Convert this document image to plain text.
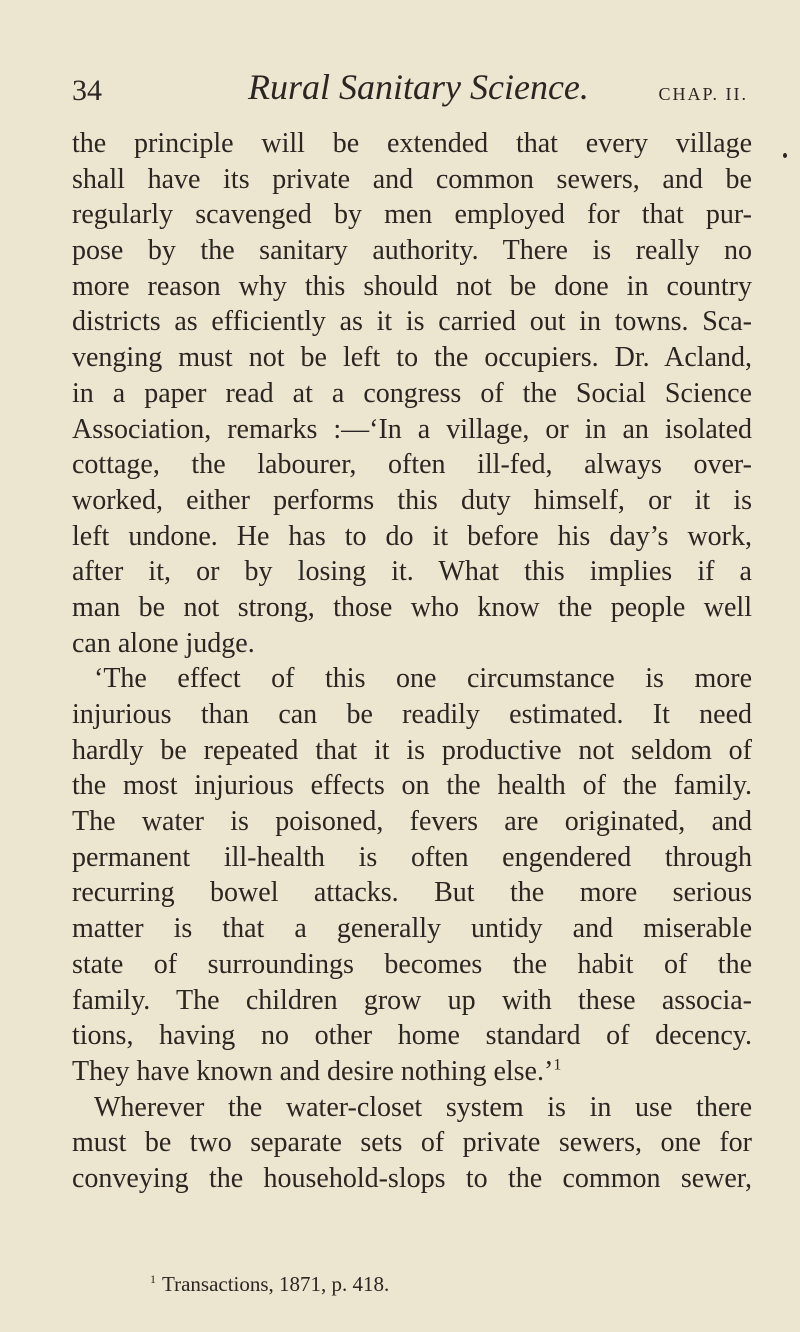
34	Rural Sanitary Science.	CHAP. II.
the principle will be extended that every village
shall have its private and common sewers, and be
regularly scavenged by men employed for that pur-
pose by the sanitary authority. There is really no
more reason why this should not be done in country
districts as efficiently as it is carried out in towns. Sca-
venging must not be left to the occupiers. Dr. Acland,
in a paper read at a congress of the Social Science
Association, remarks :—‘In a village, or in an isolated
cottage, the labourer, often ill-fed, always over-
worked, either performs this duty himself, or it is
left undone. He has to do it before his day’s work,
after it, or by losing it. What this implies if a
man be not strong, those who know the people well
can alone judge.
‘The effect of this one circumstance is more
injurious than can be readily estimated. It need
hardly be repeated that it is productive not seldom of
the most injurious effects on the health of the family.
The water is poisoned, fevers are originated, and
permanent ill-health is often engendered through
recurring bowel attacks. But the more serious
matter is that a generally untidy and miserable
state of surroundings becomes the habit of the
family. The children grow up with these associa-
tions, having no other home standard of decency.
They have known and desire nothing else.’$^1$
Wherever the water-closet system is in use there
must be two separate sets of private sewers, one for
conveying the household-slops to the common sewer,
$^1$ Transactions, 1871, p. 418.
